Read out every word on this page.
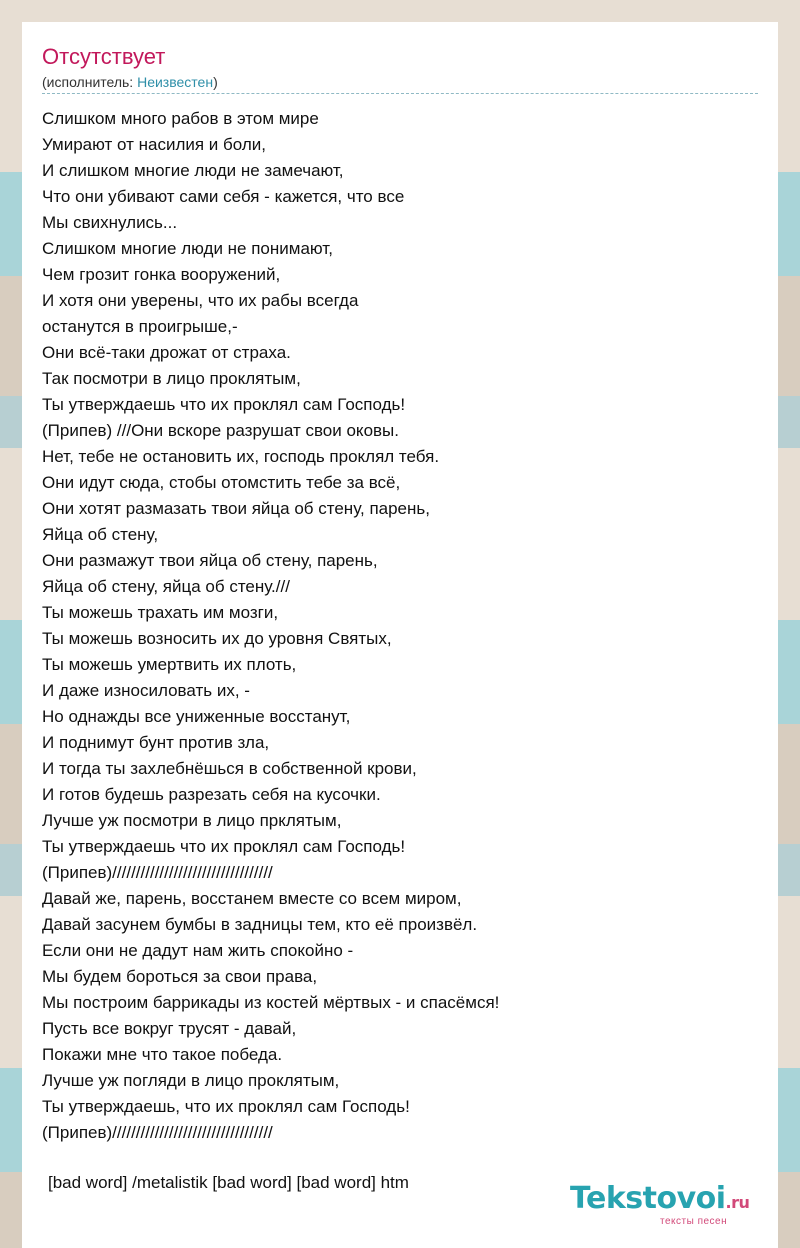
Отсутствует
(исполнитель: Неизвестен)
Слишком много рабов в этом мире
Умирают от насилия и боли,
И слишком многие люди не замечают,
Что они убивают сами себя - кажется, что все
Мы свихнулись...
Слишком многие люди не понимают,
Чем грозит гонка вооружений,
И хотя они уверены, что их рабы всегда
останутся в проигрыше,-
Они всё-таки дрожат от страха.
Так посмотри в лицо проклятым,
Ты утверждаешь что их проклял сам Господь!
(Припев) ///Они вскоре разрушат свои оковы.
Нет, тебе не остановить их, господь проклял тебя.
Они идут сюда, стобы отомстить тебе за всё,
Они хотят размазать твои яйца об стену, парень,
Яйца об стену,
Они размажут твои яйца об стену, парень,
Яйца об стену, яйца об стену.///
Ты можешь трахать им мозги,
Ты можешь возносить их до уровня Святых,
Ты можешь умертвить их плоть,
И даже износиловать их, -
Но однажды все униженные восстанут,
И поднимут бунт против зла,
И тогда ты захлебнёшься в собственной крови,
И готов будешь разрезать себя на кусочки.
Лучше уж посмотри в лицо прклятым,
Ты утверждаешь что их проклял сам Господь!
(Припев)//////////////////////////////////
Давай же, парень, восстанем вместе со всем миром,
Давай засунем бумбы в задницы тем, кто её произвёл.
Если они не дадут нам жить спокойно -
Мы будем бороться за свои права,
Мы построим баррикады из костей мёртвых - и спасёмся!
Пусть все вокруг трусят - давай,
Покажи мне что такое победа.
Лучше уж погляди в лицо проклятым,
Ты утверждаешь, что их проклял сам Господь!
(Припев)//////////////////////////////////
[bad word] /metalistik [bad word] [bad word] htm	Tekstovoi.ru
тексты песен
